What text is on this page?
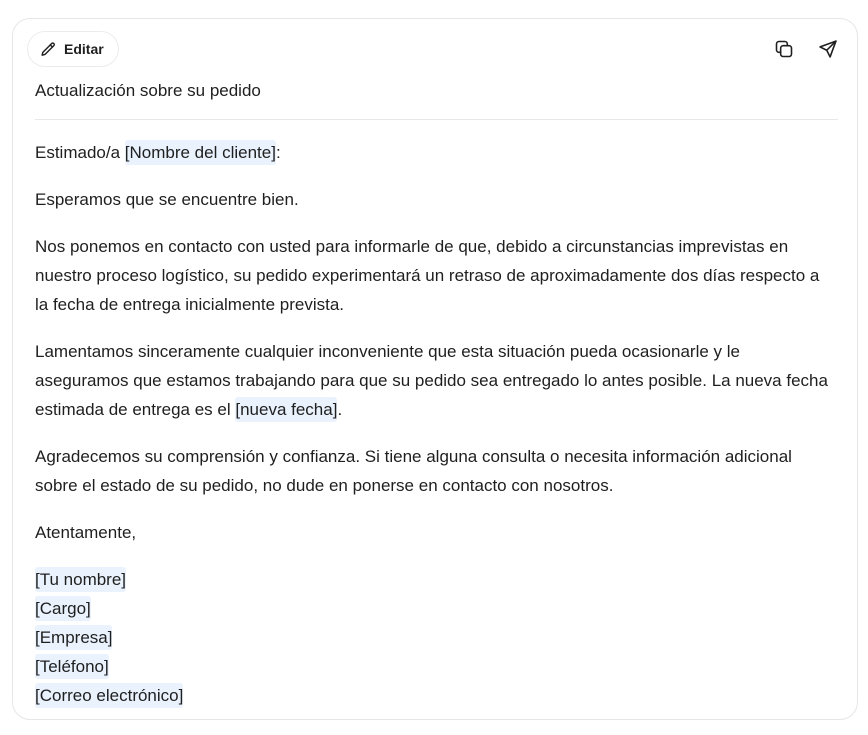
Editar
Actualización sobre su pedido

Estimado/a [Nombre del cliente]:

Esperamos que se encuentre bien.

Nos ponemos en contacto con usted para informarle de que, debido a circunstancias imprevistas en nuestro proceso logístico, su pedido experimentará un retraso de aproximadamente dos días respecto a la fecha de entrega inicialmente prevista.

Lamentamos sinceramente cualquier inconveniente que esta situación pueda ocasionarle y le aseguramos que estamos trabajando para que su pedido sea entregado lo antes posible. La nueva fecha estimada de entrega es el [nueva fecha].

Agradecemos su comprensión y confianza. Si tiene alguna consulta o necesita información adicional sobre el estado de su pedido, no dude en ponerse en contacto con nosotros.

Atentamente,

[Tu nombre]
[Cargo]
[Empresa]
[Teléfono]
[Correo electrónico]
